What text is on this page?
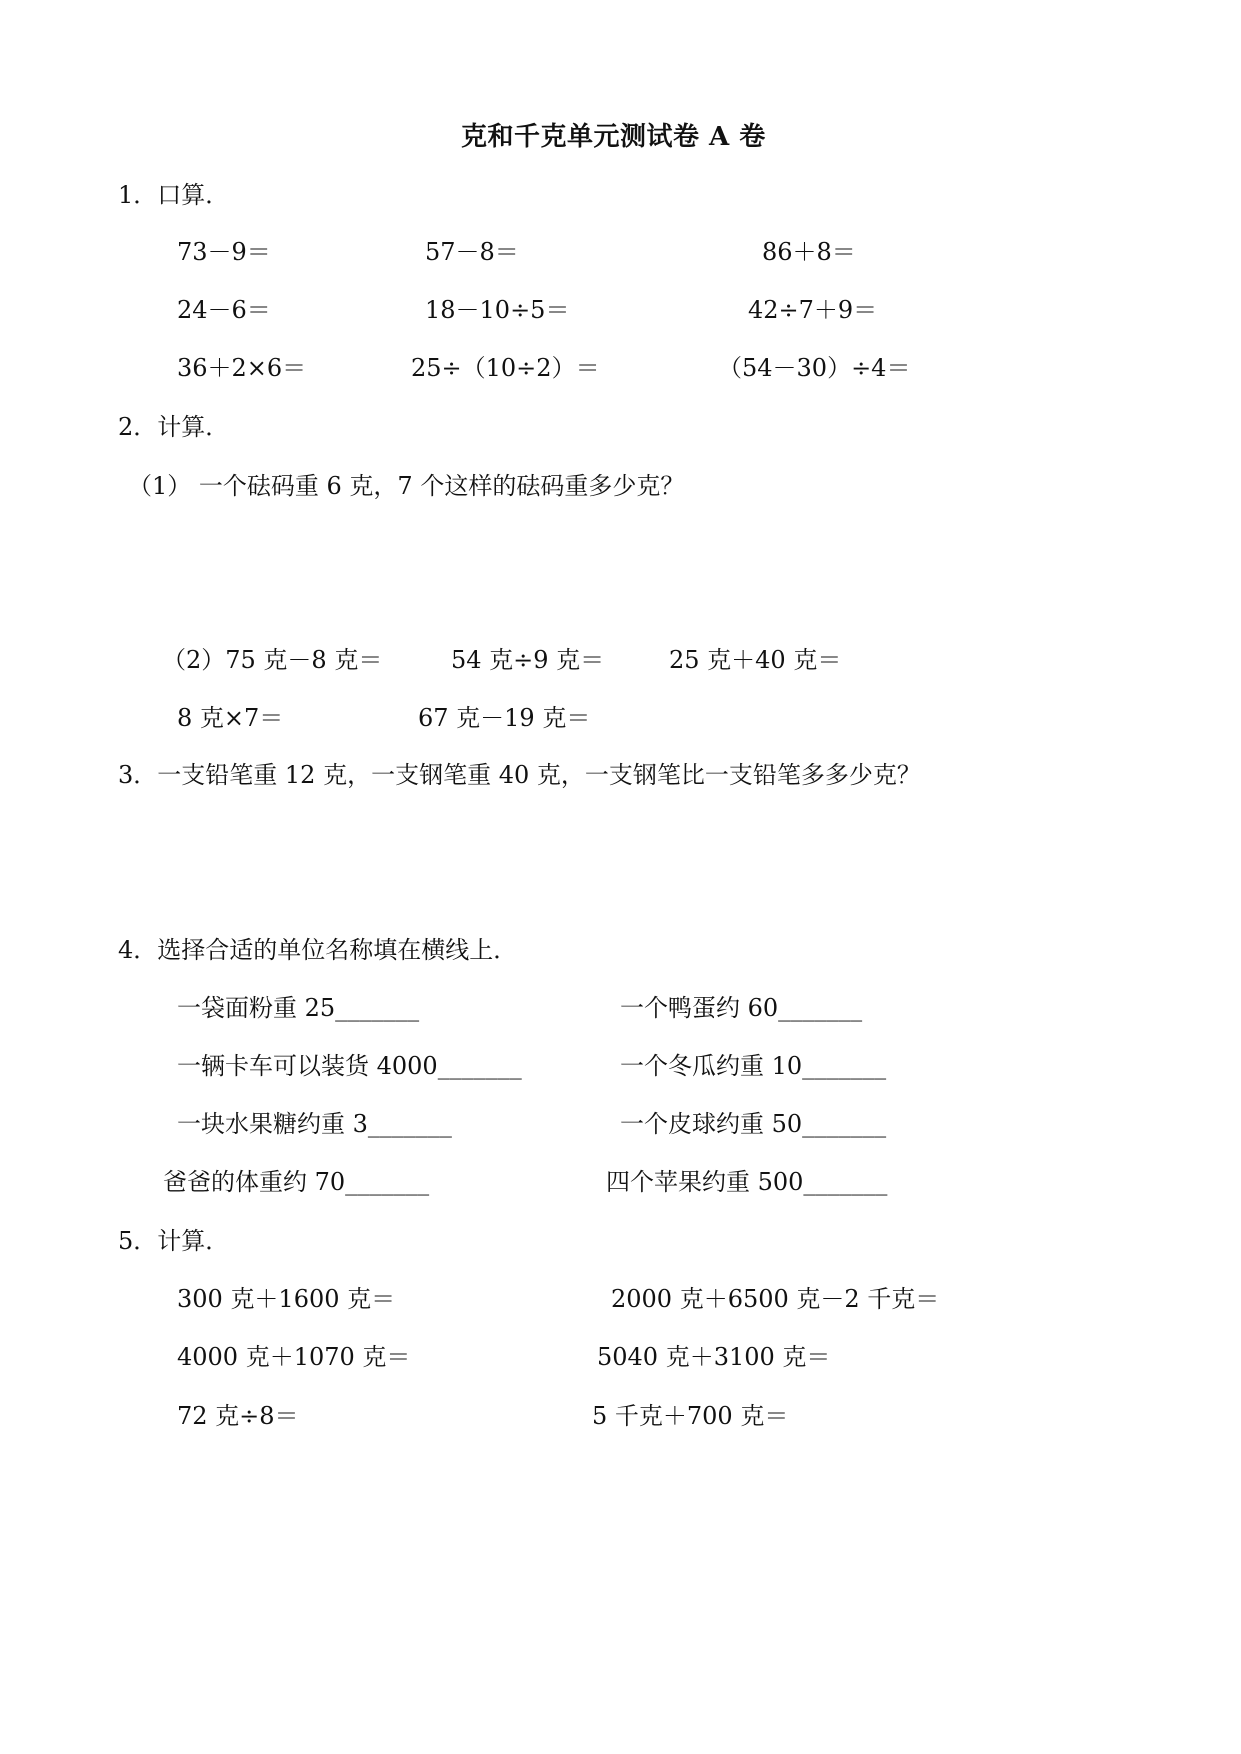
克和千克单元测试卷 A 卷
1．口算．
73－9＝	57－8＝	86＋8＝
24－6＝	18－10÷5＝	42÷7＋9＝
36＋2×6＝	25÷（10÷2）＝	（54－30）÷4＝
2．计算．
（1） 一个砝码重 6 克，7 个这样的砝码重多少克？
（2）75 克－8 克＝	54 克÷9 克＝	25 克＋40 克＝
8 克×7＝	67 克－19 克＝
3．一支铅笔重 12 克，一支钢笔重 40 克，一支钢笔比一支铅笔多多少克？
4．选择合适的单位名称填在横线上．
一袋面粉重 25_______	一个鸭蛋约 60_______
一辆卡车可以装货 4000_______	一个冬瓜约重 10_______
一块水果糖约重 3_______	一个皮球约重 50_______
爸爸的体重约 70_______	四个苹果约重 500_______
5．计算．
300 克＋1600 克＝	2000 克＋6500 克－2 千克＝
4000 克＋1070 克＝	5040 克＋3100 克＝
72 克÷8＝	5 千克＋700 克＝
